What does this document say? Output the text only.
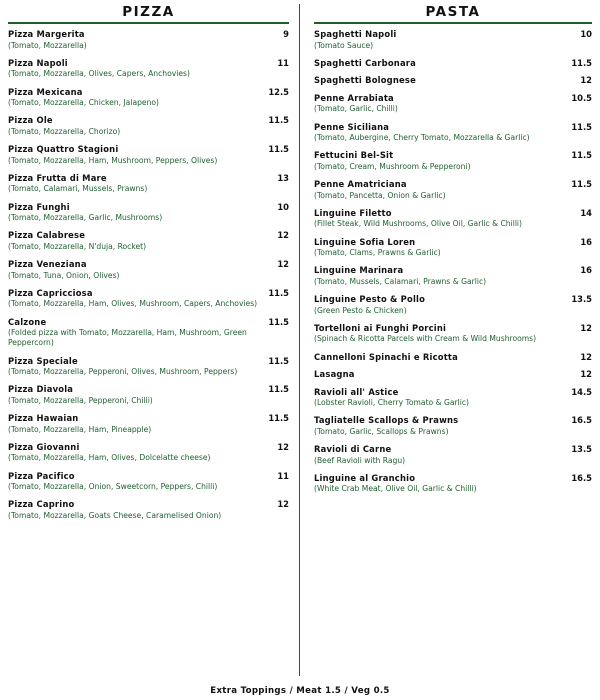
PIZZA
Pizza Margerita	9
(Tomato, Mozzarella)
Pizza Napoli	11
(Tomato, Mozzarella, Olives, Capers, Anchovies)
Pizza Mexicana	12.5
(Tomato, Mozzarella, Chicken, Jalapeno)
Pizza Ole	11.5
(Tomato, Mozzarella, Chorizo)
Pizza Quattro Stagioni	11.5
(Tomato, Mozzarella, Ham, Mushroom, Peppers, Olives)
Pizza Frutta di Mare	13
(Tomato, Calamari, Mussels, Prawns)
Pizza Funghi	10
(Tomato, Mozzarella, Garlic, Mushrooms)
Pizza Calabrese	12
(Tomato, Mozzarella, N'duja, Rocket)
Pizza Veneziana	12
(Tomato, Tuna, Onion, Olives)
Pizza Capricciosa	11.5
(Tomato, Mozzarella, Ham, Olives, Mushroom, Capers, Anchovies)
Calzone	11.5
(Folded pizza with Tomato, Mozzarella, Ham, Mushroom, Green Peppercorn)
Pizza Speciale	11.5
(Tomato, Mozzarella, Pepperoni, Olives, Mushroom, Peppers)
Pizza Diavola	11.5
(Tomato, Mozzarella, Pepperoni, Chilli)
Pizza Hawaian	11.5
(Tomato, Mozzarella, Ham, Pineapple)
Pizza Giovanni	12
(Tomato, Mozzarella, Ham, Olives, Dolcelatte cheese)
Pizza Pacifico	11
(Tomato, Mozzarella, Onion, Sweetcorn, Peppers, Chilli)
Pizza Caprino	12
(Tomato, Mozzarella, Goats Cheese, Caramelised Onion)
PASTA
Spaghetti Napoli	10
(Tomato Sauce)
Spaghetti Carbonara	11.5
Spaghetti Bolognese	12
Penne Arrabiata	10.5
(Tomato, Garlic, Chilli)
Penne Siciliana	11.5
(Tomato, Aubergine, Cherry Tomato, Mozzarella & Garlic)
Fettucini Bel-Sit	11.5
(Tomato, Cream, Mushroom & Pepperoni)
Penne Amatriciana	11.5
(Tomato, Pancetta, Onion & Garlic)
Linguine Filetto	14
(Fillet Steak, Wild Mushrooms, Olive Oil, Garlic & Chilli)
Linguine Sofia Loren	16
(Tomato, Clams, Prawns & Garlic)
Linguine Marinara	16
(Tomato, Mussels, Calamari, Prawns & Garlic)
Linguine Pesto & Pollo	13.5
(Green Pesto & Chicken)
Tortelloni ai Funghi Porcini	12
(Spinach & Ricotta Parcels with Cream & Wild Mushrooms)
Cannelloni Spinachi e Ricotta	12
Lasagna	12
Ravioli all' Astice	14.5
(Lobster Ravioli, Cherry Tomato & Garlic)
Tagliatelle Scallops & Prawns	16.5
(Tomato, Garlic, Scallops & Prawns)
Ravioli di Carne	13.5
(Beef Ravioli with Ragu)
Linguine al Granchio	16.5
(White Crab Meat, Olive Oil, Garlic & Chilli)
Extra Toppings / Meat 1.5 / Veg 0.5
